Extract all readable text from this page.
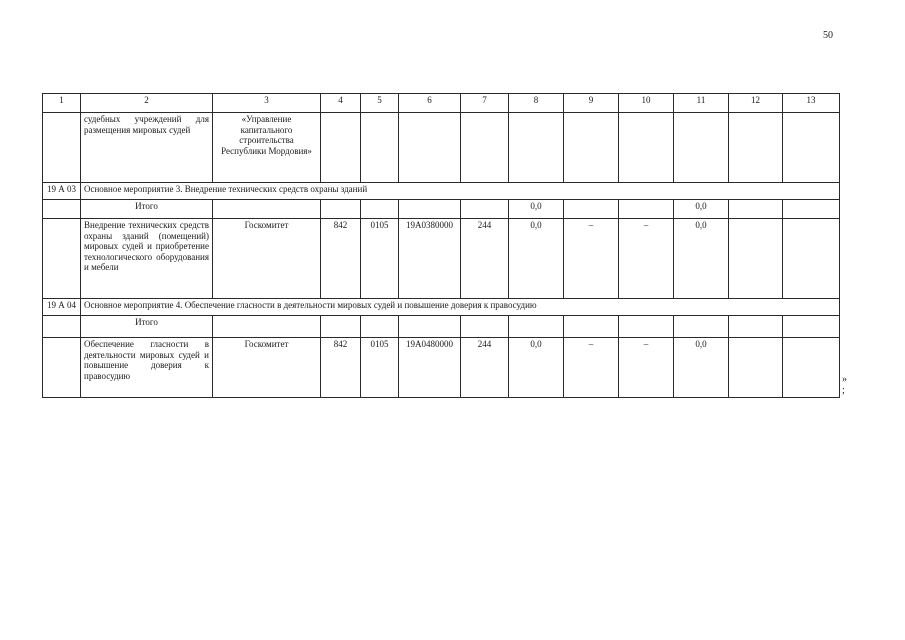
50
1	2	3	4	5	6	7	8	9	10	11	12	13
	судебных учреждений для размещения мировых судей	«Управление капитального строительства Республики Мордовия»										
19 А 03	Основное мероприятие 3. Внедрение технических средств охраны зданий											
	Итого						0,0			0,0		
	Внедрение технических средств охраны зданий (помещений) мировых судей и приобретение технологического оборудования и мебели	Госкомитет	842	0105	19А0380000	244	0,0	–	–	0,0		
19 А 04	Основное мероприятие 4. Обеспечение гласности в деятельности мировых судей и повышение доверия к правосудию											
	Итого											
	Обеспечение гласности в деятельности мировых судей и повышение доверия к правосудию	Госкомитет	842	0105	19А0480000	244	0,0	–	–	0,0		
»
;
